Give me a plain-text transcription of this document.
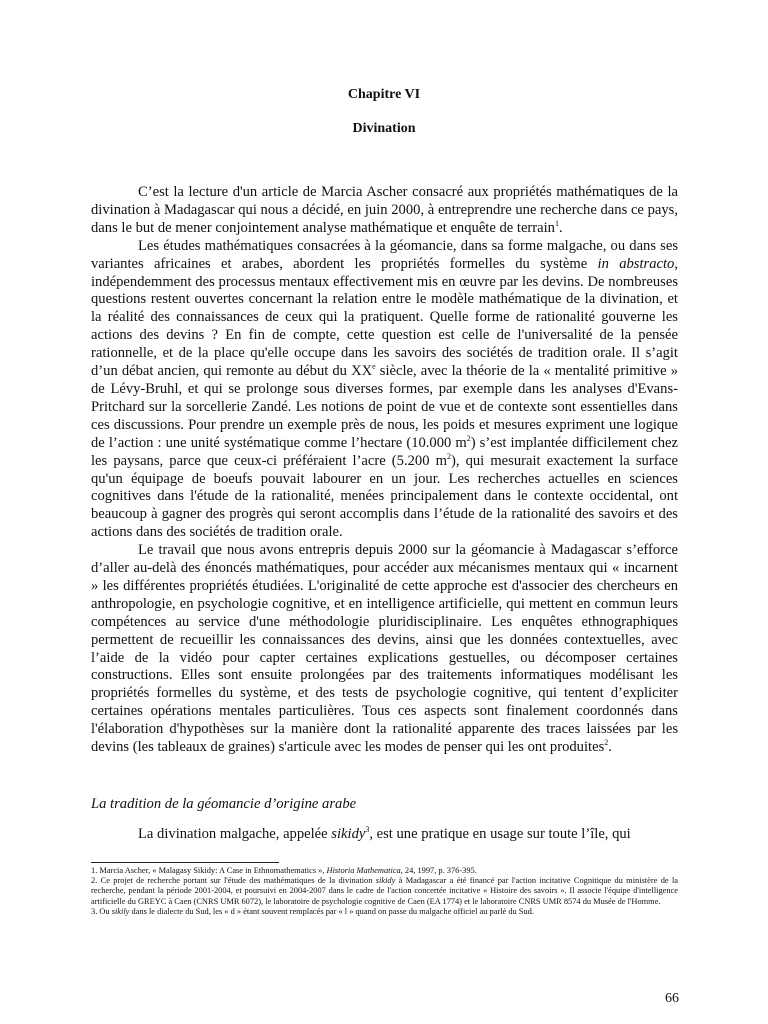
Chapitre VI
Divination

C’est la lecture d'un article de Marcia Ascher consacré aux propriétés mathématiques de la divination à Madagascar qui nous a décidé, en juin 2000, à entreprendre une recherche dans ce pays, dans le but de mener conjointement analyse mathématique et enquête de terrain$^1$.

Les études mathématiques consacrées à la géomancie, dans sa forme malgache, ou dans ses variantes africaines et arabes, abordent les propriétés formelles du système in abstracto, indépendemment des processus mentaux effectivement mis en œuvre par les devins. De nombreuses questions restent ouvertes concernant la relation entre le modèle mathématique de la divination, et la réalité des connaissances de ceux qui la pratiquent. Quelle forme de rationalité gouverne les actions des devins ? En fin de compte, cette question est celle de l'universalité de la pensée rationnelle, et de la place qu'elle occupe dans les savoirs des sociétés de tradition orale. Il s’agit d’un débat ancien, qui remonte au début du XXe siècle, avec la théorie de la « mentalité primitive » de Lévy-Bruhl, et qui se prolonge sous diverses formes, par exemple dans les analyses d'Evans-Pritchard sur la sorcellerie Zandé. Les notions de point de vue et de contexte sont essentielles dans ces discussions. Pour prendre un exemple près de nous, les poids et mesures expriment une logique de l’action : une unité systématique comme l’hectare (10.000 $m^2$) s’est implantée difficilement chez les paysans, parce que ceux-ci préféraient l’acre (5.200 $m^2$), qui mesurait exactement la surface qu'un équipage de boeufs pouvait labourer en un jour. Les recherches actuelles en sciences cognitives dans l'étude de la rationalité, menées principalement dans le contexte occidental, ont beaucoup à gagner des progrès qui seront accomplis dans l’étude de la rationalité des savoirs et des actions dans des sociétés de tradition orale.

Le travail que nous avons entrepris depuis 2000 sur la géomancie à Madagascar s’efforce d’aller au-delà des énoncés mathématiques, pour accéder aux mécanismes mentaux qui « incarnent » les différentes propriétés étudiées. L'originalité de cette approche est d'associer des chercheurs en anthropologie, en psychologie cognitive, et en intelligence artificielle, qui mettent en commun leurs compétences au service d'une méthodologie pluridisciplinaire. Les enquêtes ethnographiques permettent de recueillir les connaissances des devins, ainsi que les données contextuelles, avec l’aide de la vidéo pour capter certaines explications gestuelles, ou décomposer certaines constructions. Elles sont ensuite prolongées par des traitements informatiques modélisant les propriétés formelles du système, et des tests de psychologie cognitive, qui tentent d’expliciter certaines opérations mentales particulières. Tous ces aspects sont finalement coordonnés dans l'élaboration d'hypothèses sur la manière dont la rationalité apparente des traces laissées par les devins (les tableaux de graines) s'articule avec les modes de penser qui les ont produites$^2$.

La tradition de la géomancie d’origine arabe
La divination malgache, appelée sikidy$^3$, est une pratique en usage sur toute l’île, qui

1. Marcia Ascher, « Malagasy Sikidy: A Case in Ethnomathematics », Historia Mathematica, 24, 1997, p. 376-395.

2. Ce projet de recherche portant sur l'étude des mathématiques de la divination sikidy à Madagascar a été financé par l'action incitative Cognitique du ministère de la recherche, pendant la période 2001-2004, et poursuivi en 2004-2007 dans le cadre de l'action concertée incitative « Histoire des savoirs ». Il associe l'équipe d'intelligence artificielle du GREYC à Caen (CNRS UMR 6072), le laboratoire de psychologie cognitive de Caen (EA 1774) et le laboratoire CNRS UMR 8574 du Musée de l'Homme.

3. Ou sikily dans le dialecte du Sud, les « d » étant souvent remplacés par « l » quand on passe du malgache officiel au parlé du Sud.

66
